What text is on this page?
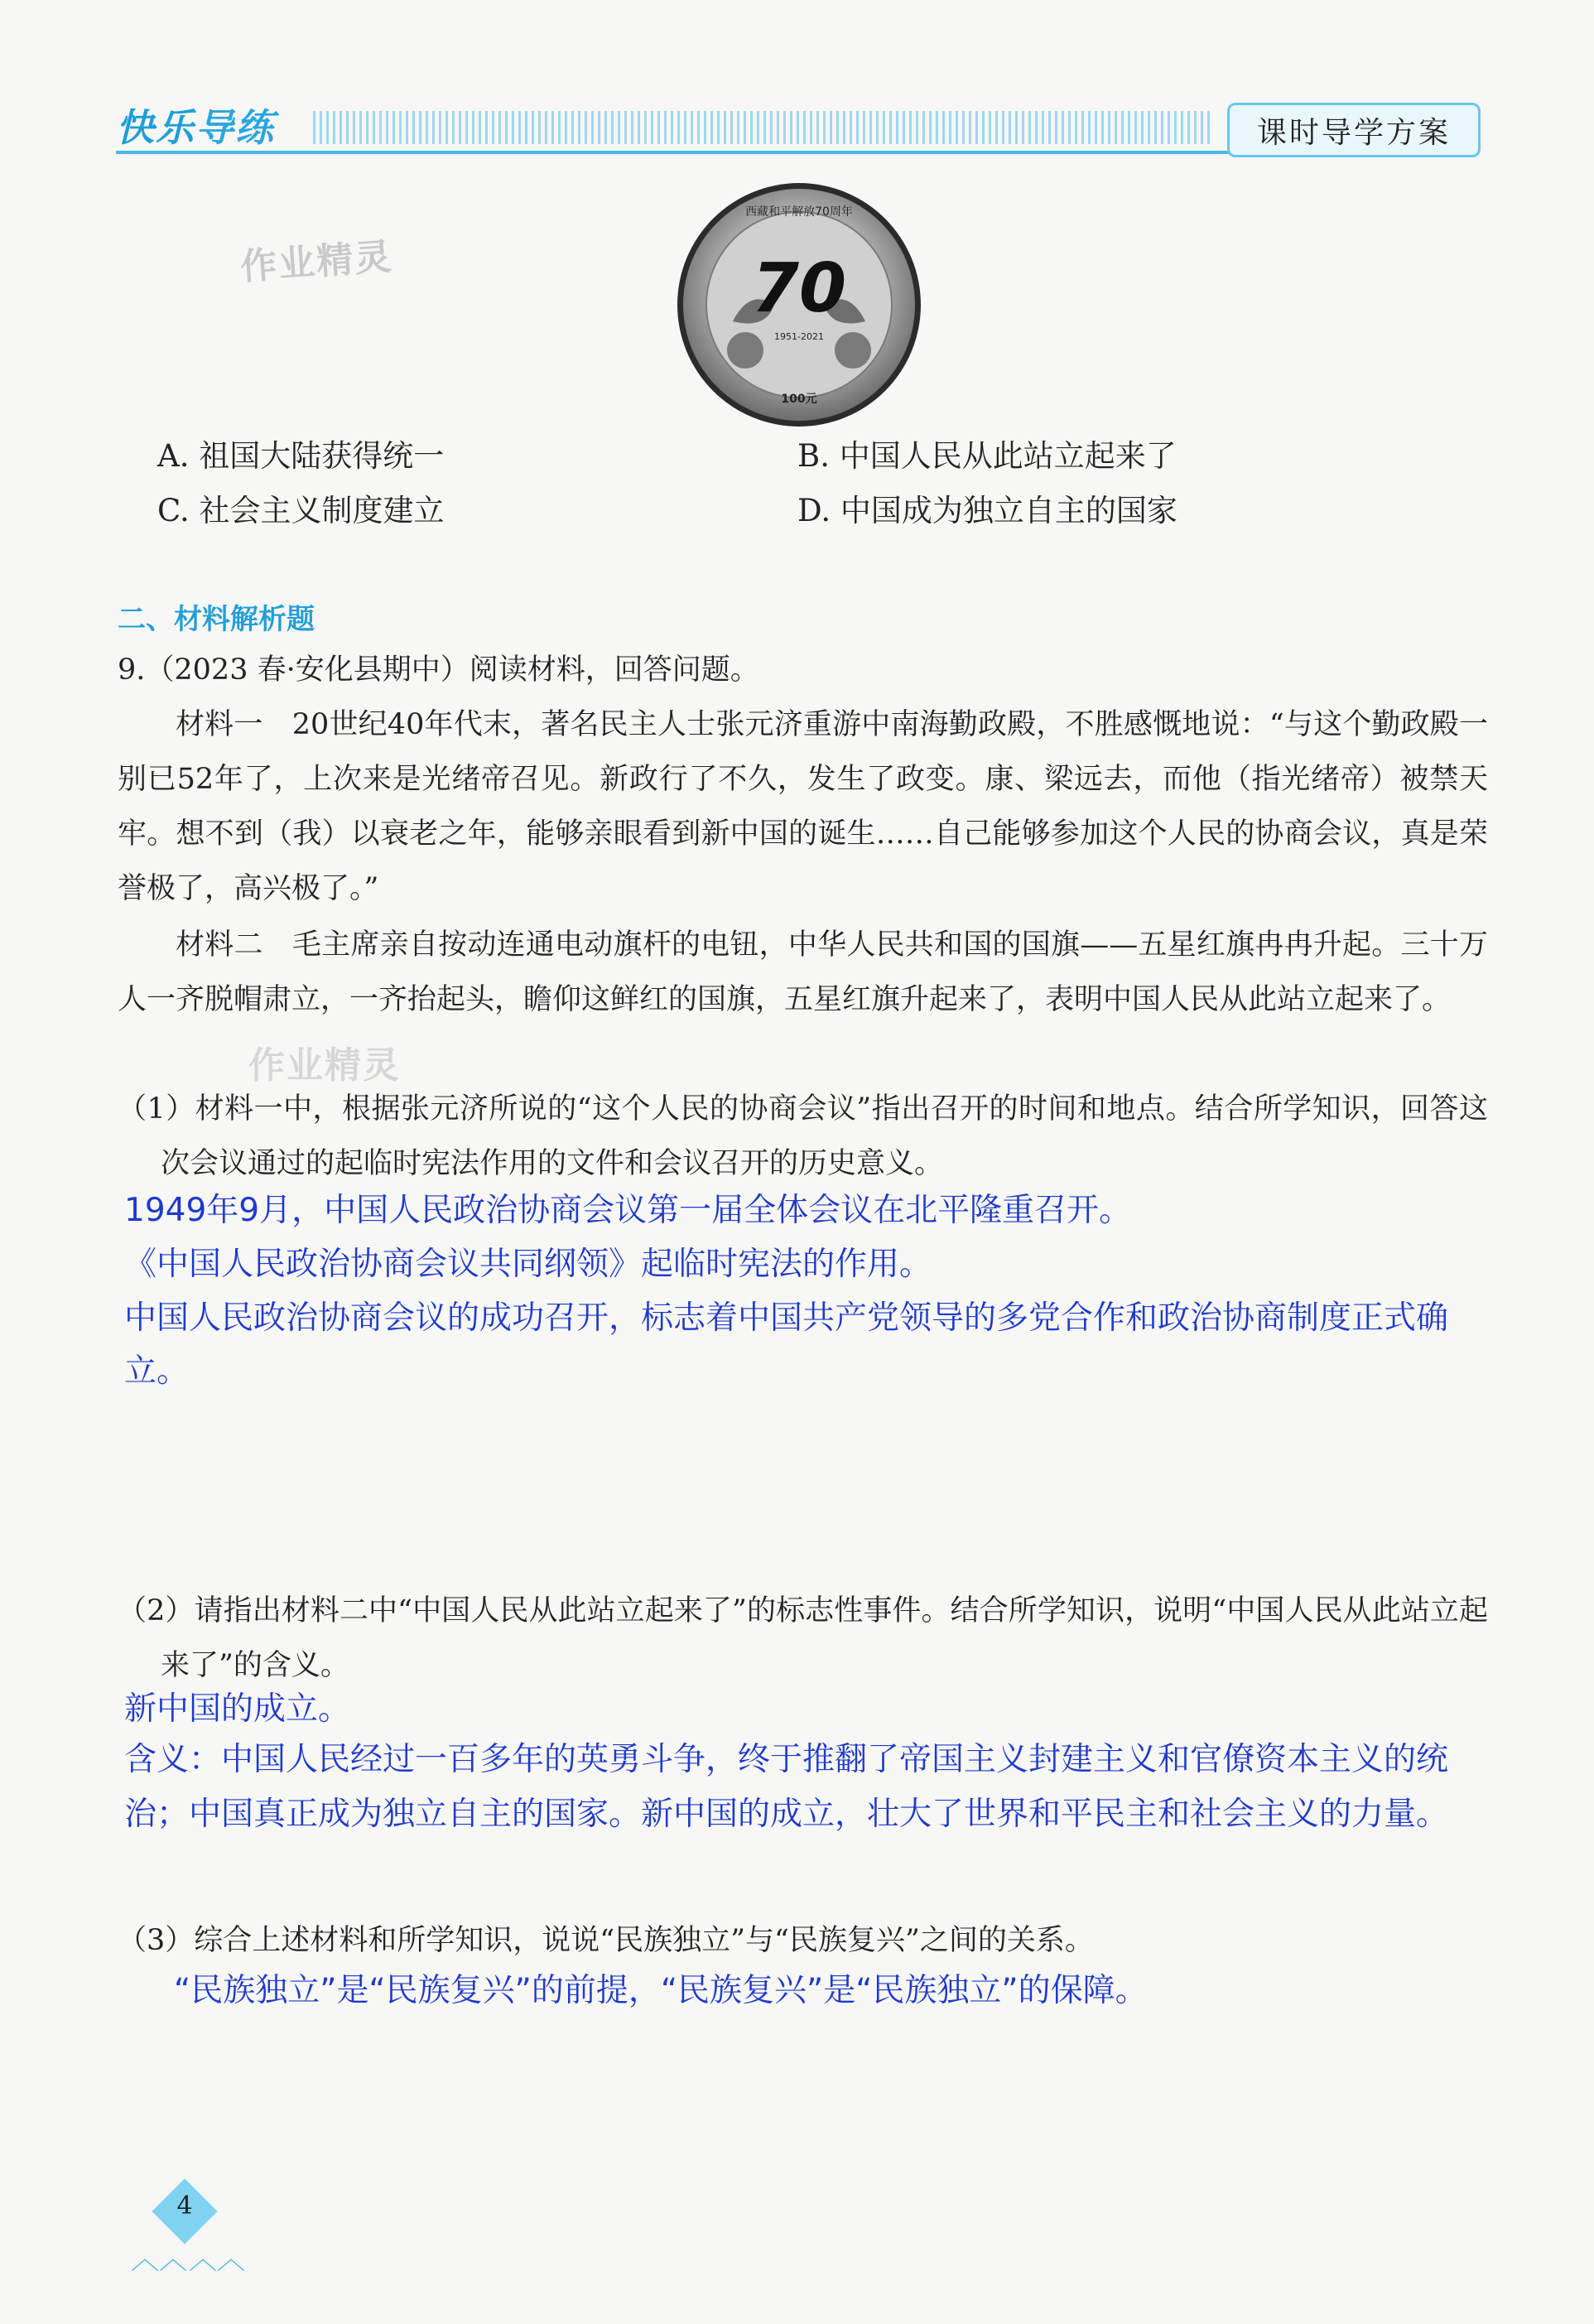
快乐导练	课时导学方案
作业精灵
作业精灵
西藏和平解放70周年
70
1951-2021
100元
A. 祖国大陆获得统一	B. 中国人民从此站立起来了
C. 社会主义制度建立	D. 中国成为独立自主的国家
二、材料解析题
9.（2023 春·安化县期中）阅读材料，回答问题。
材料一　20世纪40年代末，著名民主人士张元济重游中南海勤政殿，不胜感慨地说：“与这个勤政殿一别已52年了，上次来是光绪帝召见。新政行了不久，发生了政变。康、梁远去，而他（指光绪帝）被禁天牢。想不到（我）以衰老之年，能够亲眼看到新中国的诞生……自己能够参加这个人民的协商会议，真是荣誉极了，高兴极了。”
材料二　毛主席亲自按动连通电动旗杆的电钮，中华人民共和国的国旗——五星红旗冉冉升起。三十万人一齐脱帽肃立，一齐抬起头，瞻仰这鲜红的国旗，五星红旗升起来了，表明中国人民从此站立起来了。
（1）材料一中，根据张元济所说的“这个人民的协商会议”指出召开的时间和地点。结合所学知识，回答这次会议通过的起临时宪法作用的文件和会议召开的历史意义。
1949年9月，中国人民政治协商会议第一届全体会议在北平隆重召开。
《中国人民政治协商会议共同纲领》起临时宪法的作用。
中国人民政治协商会议的成功召开，标志着中国共产党领导的多党合作和政治协商制度正式确立。
（2）请指出材料二中“中国人民从此站立起来了”的标志性事件。结合所学知识，说明“中国人民从此站立起来了”的含义。
新中国的成立。
含义：中国人民经过一百多年的英勇斗争，终于推翻了帝国主义封建主义和官僚资本主义的统治；中国真正成为独立自主的国家。新中国的成立，壮大了世界和平民主和社会主义的力量。
（3）综合上述材料和所学知识，说说“民族独立”与“民族复兴”之间的关系。
“民族独立”是“民族复兴”的前提，“民族复兴”是“民族独立”的保障。
4
︿︿ ︿︿
